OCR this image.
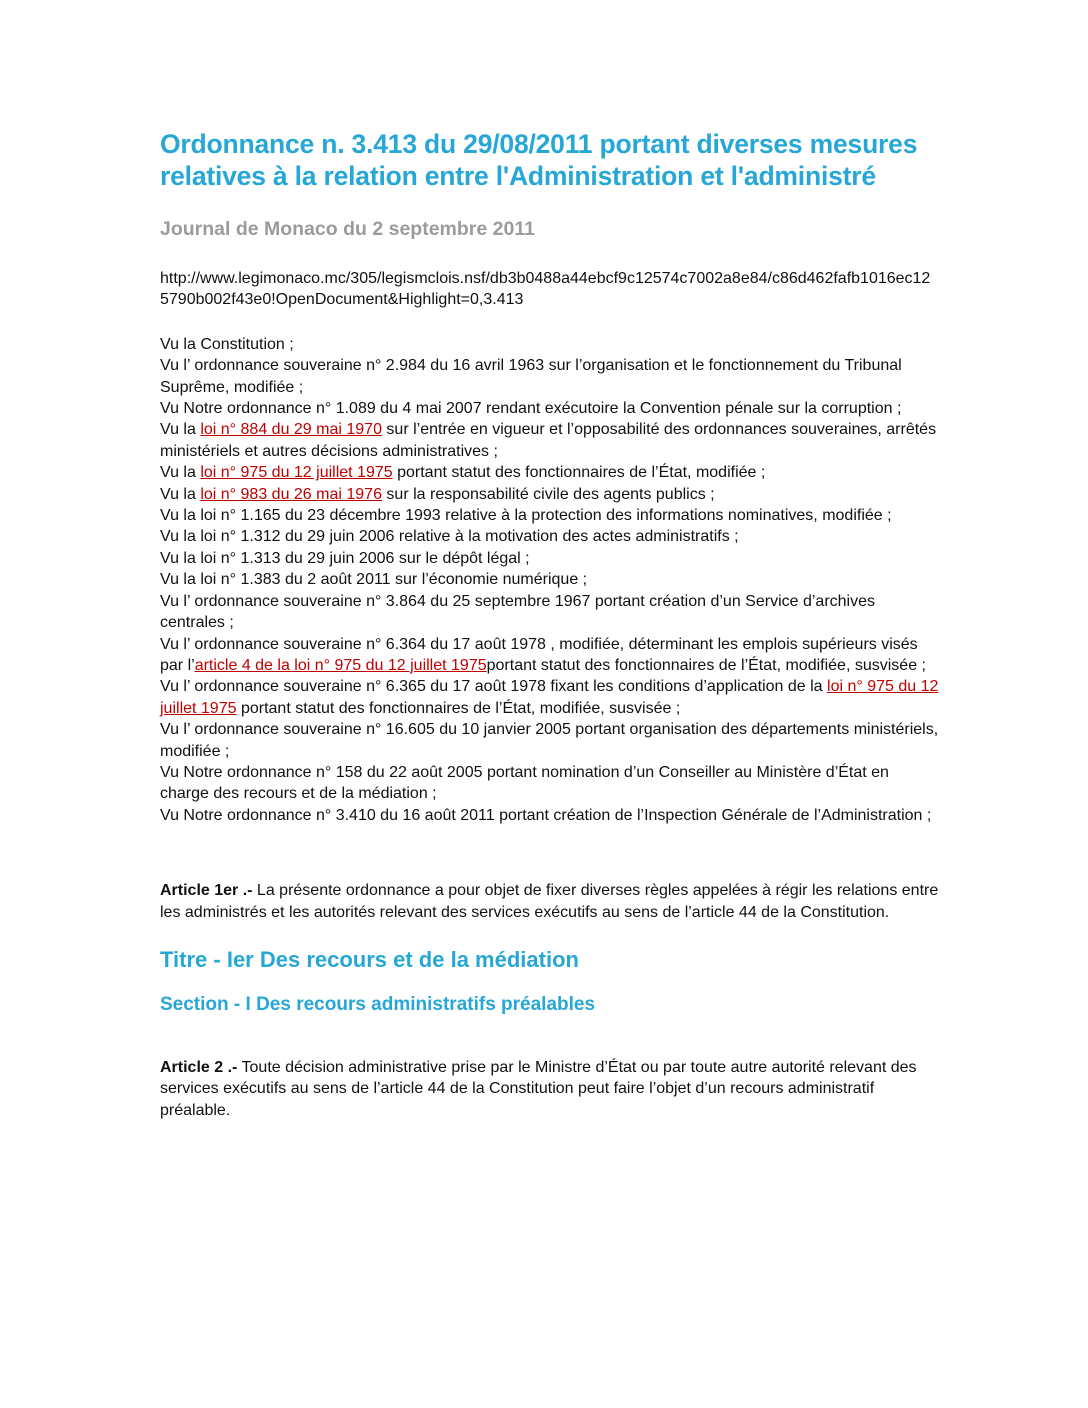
Ordonnance n. 3.413 du 29/08/2011 portant diverses mesures relatives à la relation entre l'Administration et l'administré
Journal de Monaco du 2 septembre 2011
http://www.legimonaco.mc/305/legismclois.nsf/db3b0488a44ebcf9c12574c7002a8e84/c86d462fafb1016ec125790b002f43e0!OpenDocument&Highlight=0,3.413

Vu la Constitution ;

Vu l’ ordonnance souveraine n° 2.984 du 16 avril 1963 sur l’organisation et le fonctionnement du Tribunal Suprême, modifiée ;

Vu Notre ordonnance n° 1.089 du 4 mai 2007 rendant exécutoire la Convention pénale sur la corruption ;

Vu la loi n° 884 du 29 mai 1970 sur l’entrée en vigueur et l’opposabilité des ordonnances souveraines, arrêtés ministériels et autres décisions administratives ;

Vu la loi n° 975 du 12 juillet 1975 portant statut des fonctionnaires de l’État, modifiée ;

Vu la loi n° 983 du 26 mai 1976 sur la responsabilité civile des agents publics ;

Vu la loi n° 1.165 du 23 décembre 1993 relative à la protection des informations nominatives, modifiée ;

Vu la loi n° 1.312 du 29 juin 2006 relative à la motivation des actes administratifs ;

Vu la loi n° 1.313 du 29 juin 2006 sur le dépôt légal ;

Vu la loi n° 1.383 du 2 août 2011 sur l’économie numérique ;

Vu l’ ordonnance souveraine n° 3.864 du 25 septembre 1967 portant création d’un Service d’archives centrales ;

Vu l’ ordonnance souveraine n° 6.364 du 17 août 1978 , modifiée, déterminant les emplois supérieurs visés par l’article 4 de la loi n° 975 du 12 juillet 1975portant statut des fonctionnaires de l’État, modifiée, susvisée ;

Vu l’ ordonnance souveraine n° 6.365 du 17 août 1978 fixant les conditions d’application de la loi n° 975 du 12 juillet 1975 portant statut des fonctionnaires de l’État, modifiée, susvisée ;

Vu l’ ordonnance souveraine n° 16.605 du 10 janvier 2005 portant organisation des départements ministériels, modifiée ;

Vu Notre ordonnance n° 158 du 22 août 2005 portant nomination d’un Conseiller au Ministère d’État en charge des recours et de la médiation ;

Vu Notre ordonnance n° 3.410 du 16 août 2011 portant création de l’Inspection Générale de l’Administration ;

Article 1er .- La présente ordonnance a pour objet de fixer diverses règles appelées à régir les relations entre les administrés et les autorités relevant des services exécutifs au sens de l’article 44 de la Constitution.

Titre - Ier Des recours et de la médiation
Section - I Des recours administratifs préalables

Article 2 .- Toute décision administrative prise par le Ministre d’État ou par toute autre autorité relevant des services exécutifs au sens de l’article 44 de la Constitution peut faire l’objet d’un recours administratif préalable.
